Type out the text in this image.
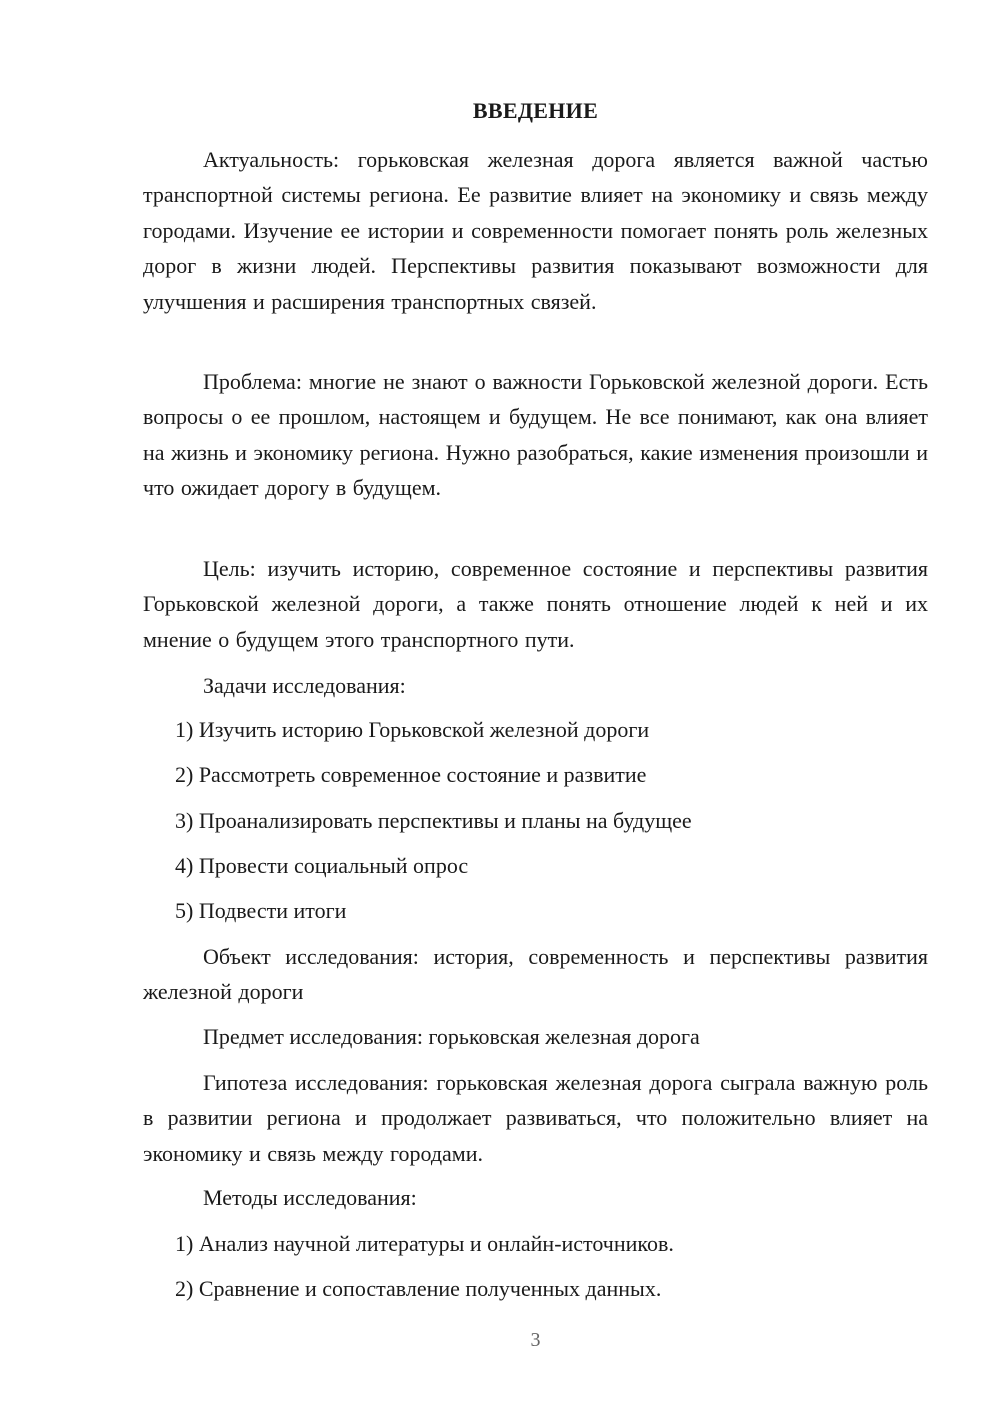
ВВЕДЕНИЕ

Актуальность: горьковская железная дорога является важной частью транспортной системы региона. Ее развитие влияет на экономику и связь между городами. Изучение ее истории и современности помогает понять роль железных дорог в жизни людей. Перспективы развития показывают возможности для улучшения и расширения транспортных связей.

Проблема: многие не знают о важности Горьковской железной дороги. Есть вопросы о ее прошлом, настоящем и будущем. Не все понимают, как она влияет на жизнь и экономику региона. Нужно разобраться, какие изменения произошли и что ожидает дорогу в будущем.

Цель: изучить историю, современное состояние и перспективы развития Горьковской железной дороги, а также понять отношение людей к ней и их мнение о будущем этого транспортного пути.

Задачи исследования:

1) Изучить историю Горьковской железной дороги

2) Рассмотреть современное состояние и развитие

3) Проанализировать перспективы и планы на будущее

4) Провести социальный опрос

5) Подвести итоги

Объект исследования: история, современность и перспективы развития железной дороги

Предмет исследования: горьковская железная дорога

Гипотеза исследования: горьковская железная дорога сыграла важную роль в развитии региона и продолжает развиваться, что положительно влияет на экономику и связь между городами.

Методы исследования:

1) Анализ научной литературы и онлайн-источников.

2) Сравнение и сопоставление полученных данных.

3
